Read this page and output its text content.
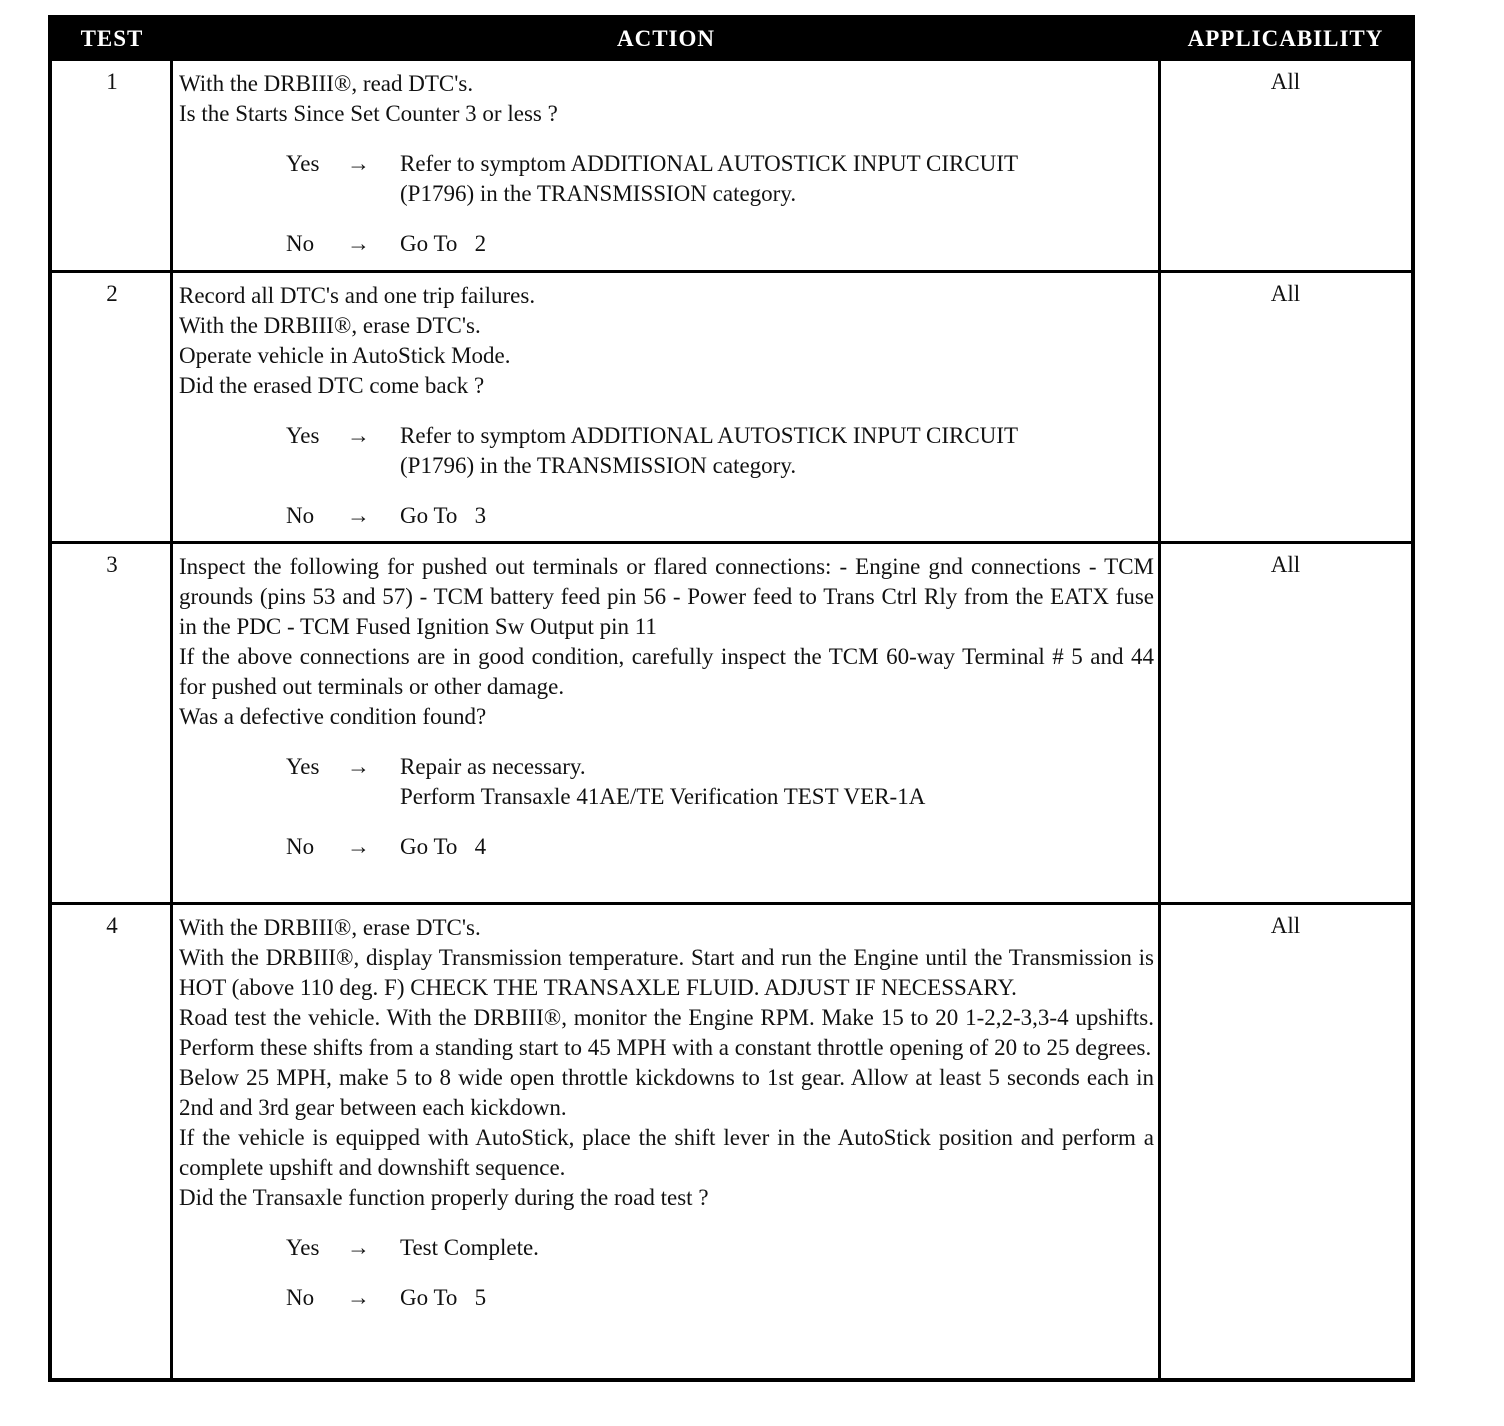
TEST	ACTION	APPLICABILITY
1	With the DRBIII®, read DTC's.
Is the Starts Since Set Counter 3 or less ?
Yes → Refer to symptom ADDITIONAL AUTOSTICK INPUT CIRCUIT
(P1796) in the TRANSMISSION category.
No → Go To   2
All
2	Record all DTC's and one trip failures.
With the DRBIII®, erase DTC's.
Operate vehicle in AutoStick Mode.
Did the erased DTC come back ?
Yes → Refer to symptom ADDITIONAL AUTOSTICK INPUT CIRCUIT
(P1796) in the TRANSMISSION category.
No → Go To   3
All
3	Inspect the following for pushed out terminals or flared connections: - Engine gnd connections - TCM grounds (pins 53 and 57) - TCM battery feed pin 56 - Power feed to Trans Ctrl Rly from the EATX fuse in the PDC - TCM Fused Ignition Sw Output pin 11
If the above connections are in good condition, carefully inspect the TCM 60-way Terminal # 5 and 44 for pushed out terminals or other damage.
Was a defective condition found?
Yes → Repair as necessary.
Perform Transaxle 41AE/TE Verification TEST VER-1A
No → Go To   4
All
4	With the DRBIII®, erase DTC's.
With the DRBIII®, display Transmission temperature. Start and run the Engine until the Transmission is HOT (above 110 deg. F) CHECK THE TRANSAXLE FLUID. ADJUST IF NECESSARY.
Road test the vehicle. With the DRBIII®, monitor the Engine RPM. Make 15 to 20 1-2,2-3,3-4 upshifts. Perform these shifts from a standing start to 45 MPH with a constant throttle opening of 20 to 25 degrees.
Below 25 MPH, make 5 to 8 wide open throttle kickdowns to 1st gear. Allow at least 5 seconds each in 2nd and 3rd gear between each kickdown.
If the vehicle is equipped with AutoStick, place the shift lever in the AutoStick position and perform a complete upshift and downshift sequence.
Did the Transaxle function properly during the road test ?
Yes → Test Complete.
No → Go To   5
All
